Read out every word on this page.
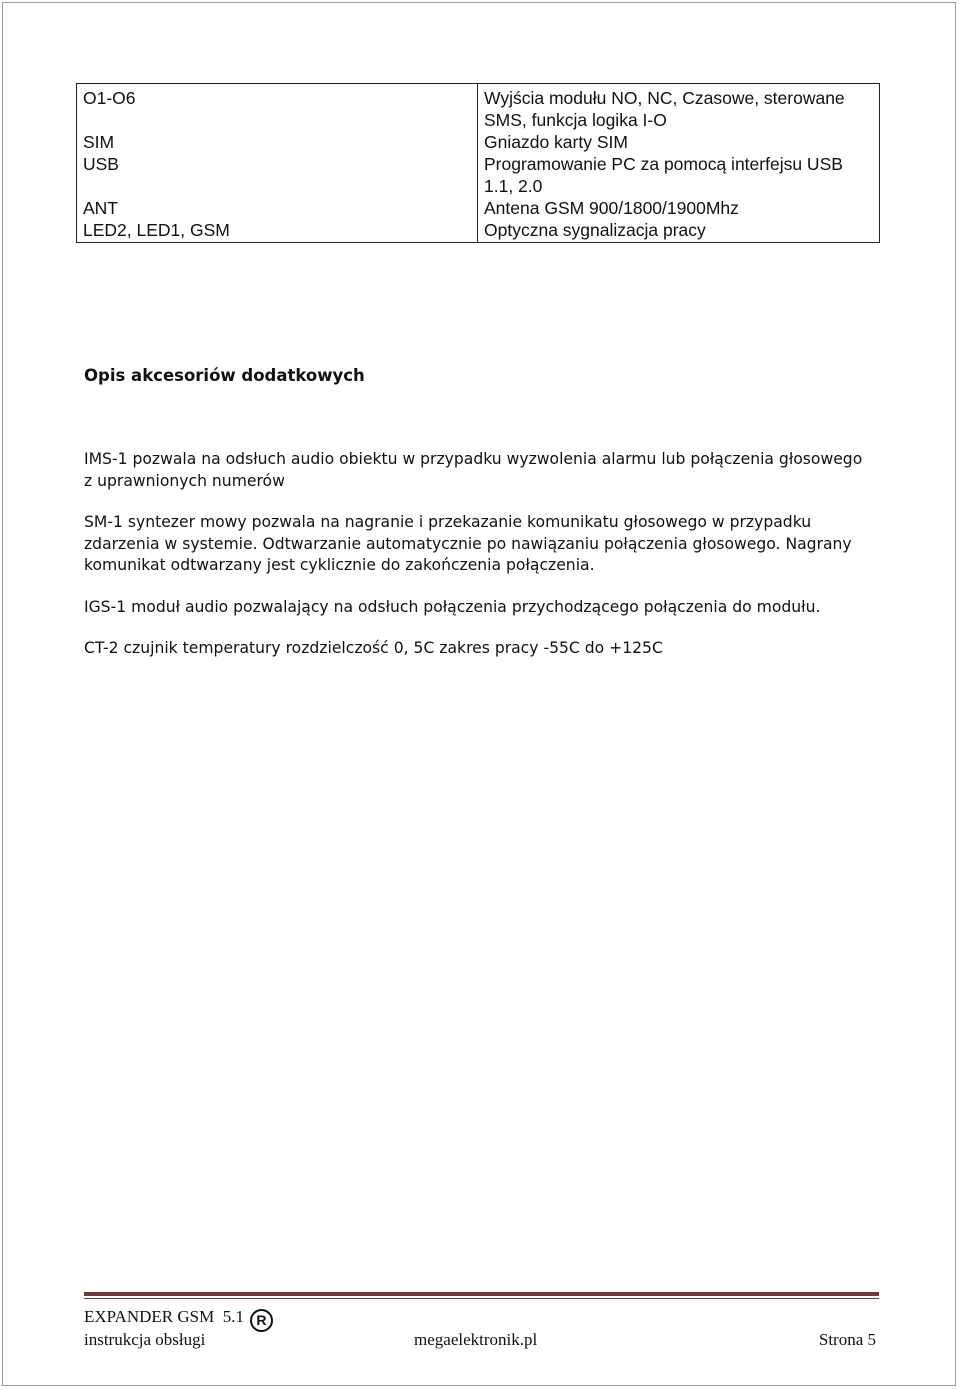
O1-O6	Wyjścia modułu NO, NC, Czasowe, sterowane SMS, funkcja logika I-O
SIM	Gniazdo karty SIM
USB	Programowanie PC za pomocą interfejsu USB 1.1, 2.0
ANT	Antena GSM 900/1800/1900Mhz
LED2, LED1, GSM	Optyczna sygnalizacja pracy
Opis akcesoriów dodatkowych

IMS-1 pozwala na odsłuch audio obiektu w przypadku wyzwolenia alarmu lub połączenia głosowego z uprawnionych numerów

SM-1 syntezer mowy pozwala na nagranie i przekazanie komunikatu głosowego w przypadku zdarzenia w systemie. Odtwarzanie automatycznie po nawiązaniu połączenia głosowego. Nagrany komunikat odtwarzany jest cyklicznie do zakończenia połączenia.

IGS-1 moduł audio pozwalający na odsłuch połączenia przychodzącego połączenia do modułu.

CT-2 czujnik temperatury rozdzielczość 0, 5C zakres pracy -55C do +125C

EXPANDER GSM  5.1 R
instrukcja obsługi	megaelektronik.pl	Strona 5
